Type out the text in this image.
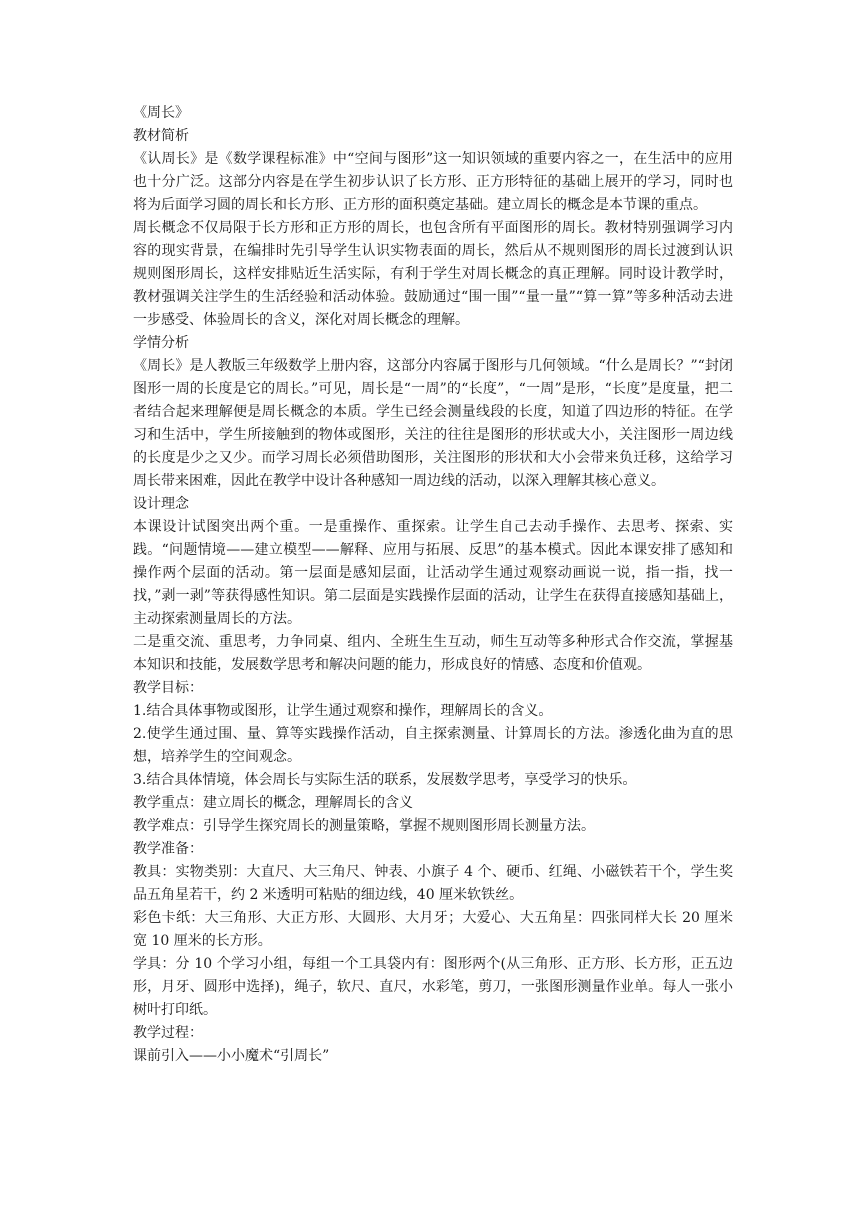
《周长》

教材简析

《认周长》是《数学课程标准》中“空间与图形”这一知识领域的重要内容之一，在生活中的应用也十分广泛。这部分内容是在学生初步认识了长方形、正方形特征的基础上展开的学习，同时也将为后面学习圆的周长和长方形、正方形的面积奠定基础。建立周长的概念是本节课的重点。

周长概念不仅局限于长方形和正方形的周长，也包含所有平面图形的周长。教材特别强调学习内容的现实背景，在编排时先引导学生认识实物表面的周长，然后从不规则图形的周长过渡到认识规则图形周长，这样安排贴近生活实际，有利于学生对周长概念的真正理解。同时设计教学时，教材强调关注学生的生活经验和活动体验。鼓励通过“围一围”“量一量”“算一算”等多种活动去进一步感受、体验周长的含义，深化对周长概念的理解。

学情分析

《周长》是人教版三年级数学上册内容，这部分内容属于图形与几何领域。“什么是周长？”“封闭图形一周的长度是它的周长。”可见，周长是“一周”的“长度”，“一周”是形，“长度”是度量，把二者结合起来理解便是周长概念的本质。学生已经会测量线段的长度，知道了四边形的特征。在学习和生活中，学生所接触到的物体或图形，关注的往往是图形的形状或大小，关注图形一周边线的长度是少之又少。而学习周长必须借助图形，关注图形的形状和大小会带来负迁移，这给学习周长带来困难，因此在教学中设计各种感知一周边线的活动，以深入理解其核心意义。

设计理念

本课设计试图突出两个重。一是重操作、重探索。让学生自己去动手操作、去思考、探索、实践。“问题情境——建立模型——解释、应用与拓展、反思”的基本模式。因此本课安排了感知和操作两个层面的活动。第一层面是感知层面，让活动学生通过观察动画说一说，指一指，找一找，”剥一剥”等获得感性知识。第二层面是实践操作层面的活动，让学生在获得直接感知基础上，主动探索测量周长的方法。

二是重交流、重思考，力争同桌、组内、全班生生互动，师生互动等多种形式合作交流，掌握基本知识和技能，发展数学思考和解决问题的能力，形成良好的情感、态度和价值观。

教学目标：

1.结合具体事物或图形，让学生通过观察和操作，理解周长的含义。

2.使学生通过围、量、算等实践操作活动，自主探索测量、计算周长的方法。渗透化曲为直的思想，培养学生的空间观念。

3.结合具体情境，体会周长与实际生活的联系，发展数学思考，享受学习的快乐。

教学重点：建立周长的概念，理解周长的含义

教学难点：引导学生探究周长的测量策略，掌握不规则图形周长测量方法。

教学准备：

教具：实物类别：大直尺、大三角尺、钟表、小旗子 4 个、硬币、红绳、小磁铁若干个，学生奖品五角星若干，约 2 米透明可粘贴的细边线，40 厘米软铁丝。

彩色卡纸：大三角形、大正方形、大圆形、大月牙；大爱心、大五角星：四张同样大长 20 厘米宽 10 厘米的长方形。

学具：分 10 个学习小组，每组一个工具袋内有：图形两个(从三角形、正方形、长方形，正五边形，月牙、圆形中选择)，绳子，软尺、直尺，水彩笔，剪刀，一张图形测量作业单。每人一张小树叶打印纸。

教学过程：

课前引入——小小魔术“引周长”
